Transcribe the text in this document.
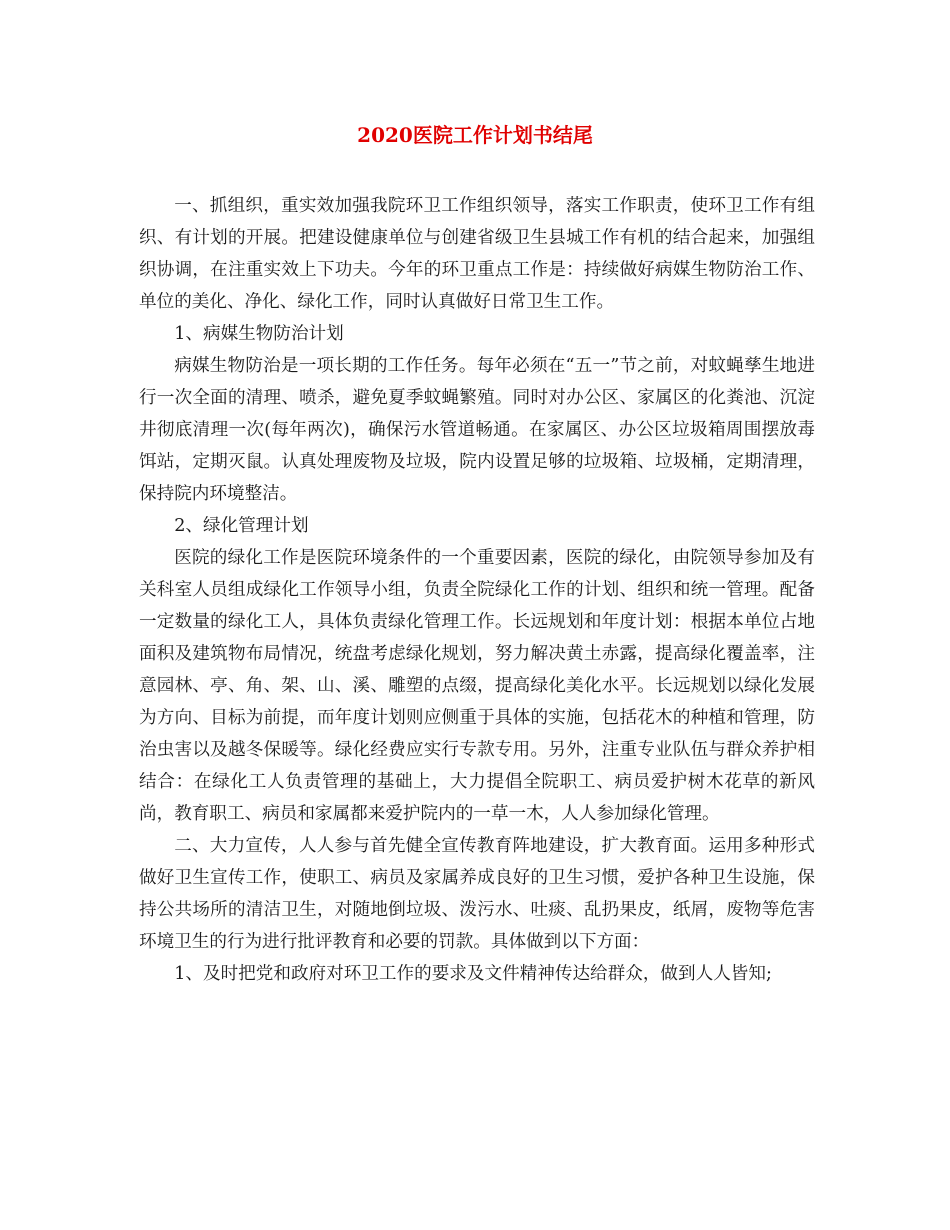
2020医院工作计划书结尾

一、抓组织，重实效加强我院环卫工作组织领导，落实工作职责，使环卫工作有组织、有计划的开展。把建设健康单位与创建省级卫生县城工作有机的结合起来，加强组织协调，在注重实效上下功夫。今年的环卫重点工作是：持续做好病媒生物防治工作、单位的美化、净化、绿化工作，同时认真做好日常卫生工作。

1、病媒生物防治计划

病媒生物防治是一项长期的工作任务。每年必须在“五一”节之前，对蚊蝇孳生地进行一次全面的清理、喷杀，避免夏季蚊蝇繁殖。同时对办公区、家属区的化粪池、沉淀井彻底清理一次(每年两次)，确保污水管道畅通。在家属区、办公区垃圾箱周围摆放毒饵站，定期灭鼠。认真处理废物及垃圾，院内设置足够的垃圾箱、垃圾桶，定期清理，保持院内环境整洁。

2、绿化管理计划

医院的绿化工作是医院环境条件的一个重要因素，医院的绿化，由院领导参加及有关科室人员组成绿化工作领导小组，负责全院绿化工作的计划、组织和统一管理。配备一定数量的绿化工人，具体负责绿化管理工作。长远规划和年度计划：根据本单位占地面积及建筑物布局情况，统盘考虑绿化规划，努力解决黄土赤露，提高绿化覆盖率，注意园林、亭、角、架、山、溪、雕塑的点缀，提高绿化美化水平。长远规划以绿化发展为方向、目标为前提，而年度计划则应侧重于具体的实施，包括花木的种植和管理，防治虫害以及越冬保暖等。绿化经费应实行专款专用。另外，注重专业队伍与群众养护相结合：在绿化工人负责管理的基础上，大力提倡全院职工、病员爱护树木花草的新风尚，教育职工、病员和家属都来爱护院内的一草一木，人人参加绿化管理。

二、大力宣传，人人参与首先健全宣传教育阵地建设，扩大教育面。运用多种形式做好卫生宣传工作，使职工、病员及家属养成良好的卫生习惯，爱护各种卫生设施，保持公共场所的清洁卫生，对随地倒垃圾、泼污水、吐痰、乱扔果皮，纸屑，废物等危害环境卫生的行为进行批评教育和必要的罚款。具体做到以下方面：

1、及时把党和政府对环卫工作的要求及文件精神传达给群众，做到人人皆知;
